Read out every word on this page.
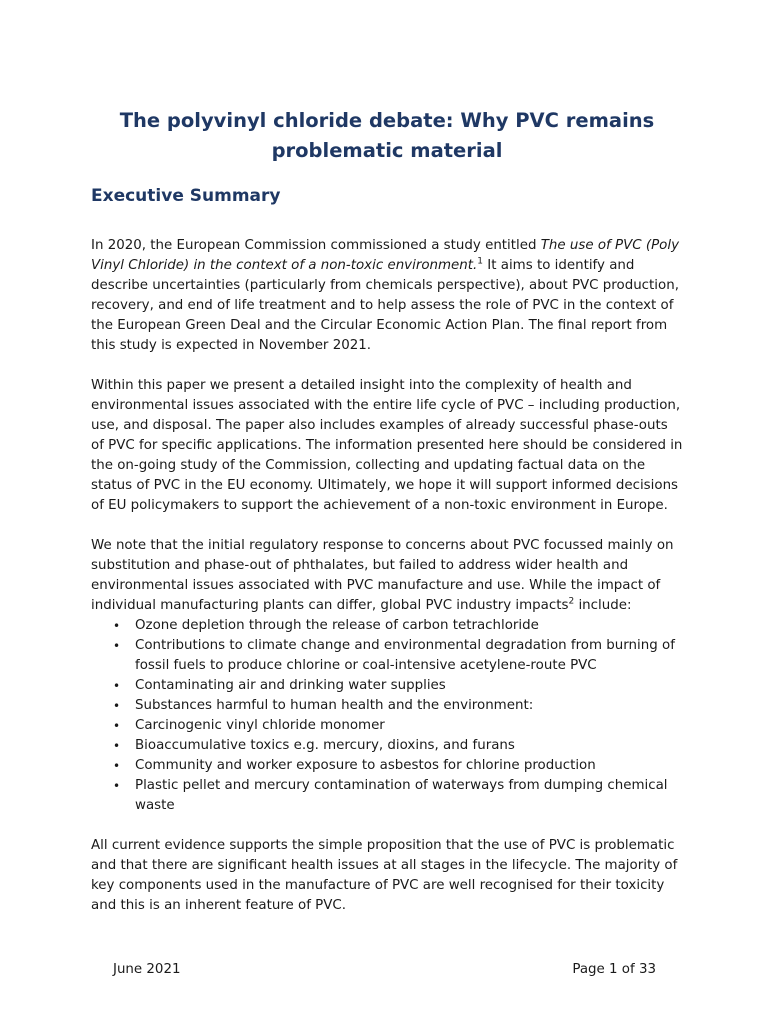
The polyvinyl chloride debate: Why PVC remains
problematic material
Executive Summary

In 2020, the European Commission commissioned a study entitled The use of PVC (Poly Vinyl Chloride) in the context of a non-toxic environment.$^1$ It aims to identify and describe uncertainties (particularly from chemicals perspective), about PVC production, recovery, and end of life treatment and to help assess the role of PVC in the context of the European Green Deal and the Circular Economic Action Plan. The final report from this study is expected in November 2021.

Within this paper we present a detailed insight into the complexity of health and environmental issues associated with the entire life cycle of PVC – including production, use, and disposal. The paper also includes examples of already successful phase-outs of PVC for specific applications. The information presented here should be considered in the on-going study of the Commission, collecting and updating factual data on the status of PVC in the EU economy. Ultimately, we hope it will support informed decisions of EU policymakers to support the achievement of a non-toxic environment in Europe.

We note that the initial regulatory response to concerns about PVC focussed mainly on substitution and phase-out of phthalates, but failed to address wider health and environmental issues associated with PVC manufacture and use. While the impact of individual manufacturing plants can differ, global PVC industry impacts$^2$ include:

• Ozone depletion through the release of carbon tetrachloride
• Contributions to climate change and environmental degradation from burning of fossil fuels to produce chlorine or coal-intensive acetylene-route PVC
• Contaminating air and drinking water supplies
• Substances harmful to human health and the environment:
• Carcinogenic vinyl chloride monomer
• Bioaccumulative toxics e.g. mercury, dioxins, and furans
• Community and worker exposure to asbestos for chlorine production
• Plastic pellet and mercury contamination of waterways from dumping chemical waste

All current evidence supports the simple proposition that the use of PVC is problematic and that there are significant health issues at all stages in the lifecycle. The majority of key components used in the manufacture of PVC are well recognised for their toxicity and this is an inherent feature of PVC.

June 2021	Page 1 of 33
